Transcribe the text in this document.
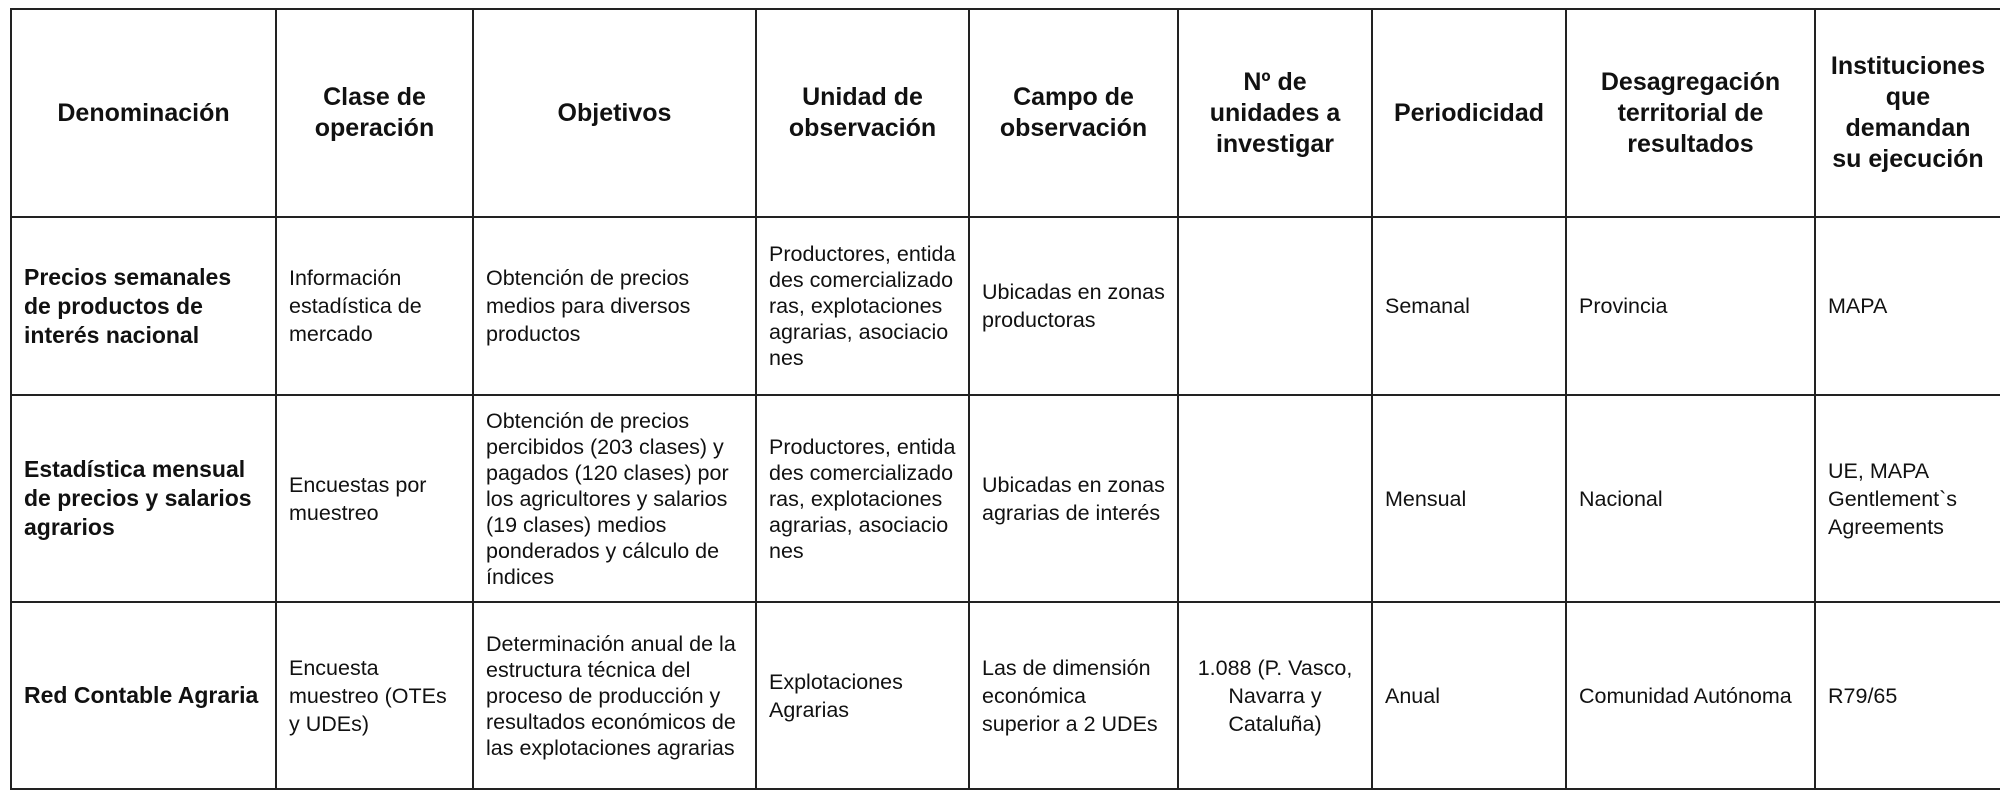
Denominación	Clase de operación	Objetivos	Unidad de observación	Campo de observación	Nº de unidades a investigar	Periodicidad	Desagregación territorial de resultados	Instituciones que demandan su ejecución
Precios semanales de productos de interés nacional	Información estadística de mercado	Obtención de precios medios para diversos productos	Productores, entidades comercializadoras, explotaciones agrarias, asociaciones	Ubicadas en zonas productoras		Semanal	Provincia	MAPA
Estadística mensual de precios y salarios agrarios	Encuestas por muestreo	Obtención de precios percibidos (203 clases) y pagados (120 clases) por los agricultores y salarios (19 clases) medios ponderados y cálculo de índices	Productores, entidades comercializadoras, explotaciones agrarias, asociaciones	Ubicadas en zonas agrarias de interés		Mensual	Nacional	UE, MAPA Gentlement`s Agreements
Red Contable Agraria	Encuesta muestreo (OTEs y UDEs)	Determinación anual de la estructura técnica del proceso de producción y resultados económicos de las explotaciones agrarias	Explotaciones Agrarias	Las de dimensión económica superior a 2 UDEs	1.088 (P. Vasco, Navarra y Cataluña)	Anual	Comunidad Autónoma	R79/65
